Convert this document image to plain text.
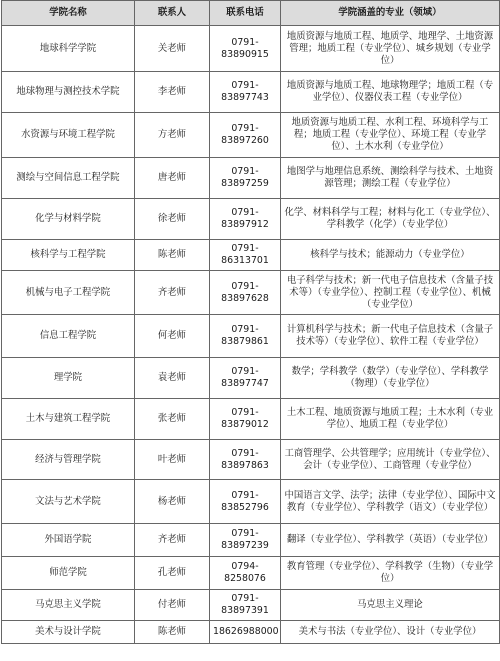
学院名称	联系人	联系电话	学院涵盖的专业（领域）
地球科学学院	关老师	0791-83890915	地质资源与地质工程、地质学、地理学、土地资源管理；地质工程（专业学位）、城乡规划（专业学位）
地球物理与测控技术学院	李老师	0791-83897743	地质资源与地质工程、地球物理学；地质工程（专业学位）、仪器仪表工程（专业学位）
水资源与环境工程学院	方老师	0791-83897260	地质资源与地质工程、水利工程、环境科学与工程；地质工程（专业学位）、环境工程（专业学位）、土木水利（专业学位）
测绘与空间信息工程学院	唐老师	0791-83897259	地图学与地理信息系统、测绘科学与技术、土地资源管理；测绘工程（专业学位）
化学与材料学院	徐老师	0791-83897912	化学、材料科学与工程；材料与化工（专业学位）、学科教学（化学）（专业学位）
核科学与工程学院	陈老师	0791-86313701	核科学与技术；能源动力（专业学位）
机械与电子工程学院	齐老师	0791-83897628	电子科学与技术；新一代电子信息技术（含量子技术等）（专业学位）、控制工程（专业学位）、机械（专业学位）
信息工程学院	何老师	0791-83879861	计算机科学与技术；新一代电子信息技术（含量子技术等）（专业学位）、软件工程（专业学位）
理学院	袁老师	0791-83897747	数学；学科教学（数学）（专业学位）、学科教学（物理）（专业学位）
土木与建筑工程学院	张老师	0791-83879012	土木工程、地质资源与地质工程；土木水利（专业学位）、地质工程（专业学位）
经济与管理学院	叶老师	0791-83897863	工商管理学、公共管理学；应用统计（专业学位）、会计（专业学位）、工商管理（专业学位）
文法与艺术学院	杨老师	0791-83852796	中国语言文学、法学；法律（专业学位）、国际中文教育（专业学位）、学科教学（语文）（专业学位）
外国语学院	齐老师	0791-83897239	翻译（专业学位）、学科教学（英语）（专业学位）
师范学院	孔老师	0794-8258076	教育管理（专业学位）、学科教学（生物）（专业学位）
马克思主义学院	付老师	0791-83897391	马克思主义理论
美术与设计学院	陈老师	18626988000	美术与书法（专业学位）、设计（专业学位）
